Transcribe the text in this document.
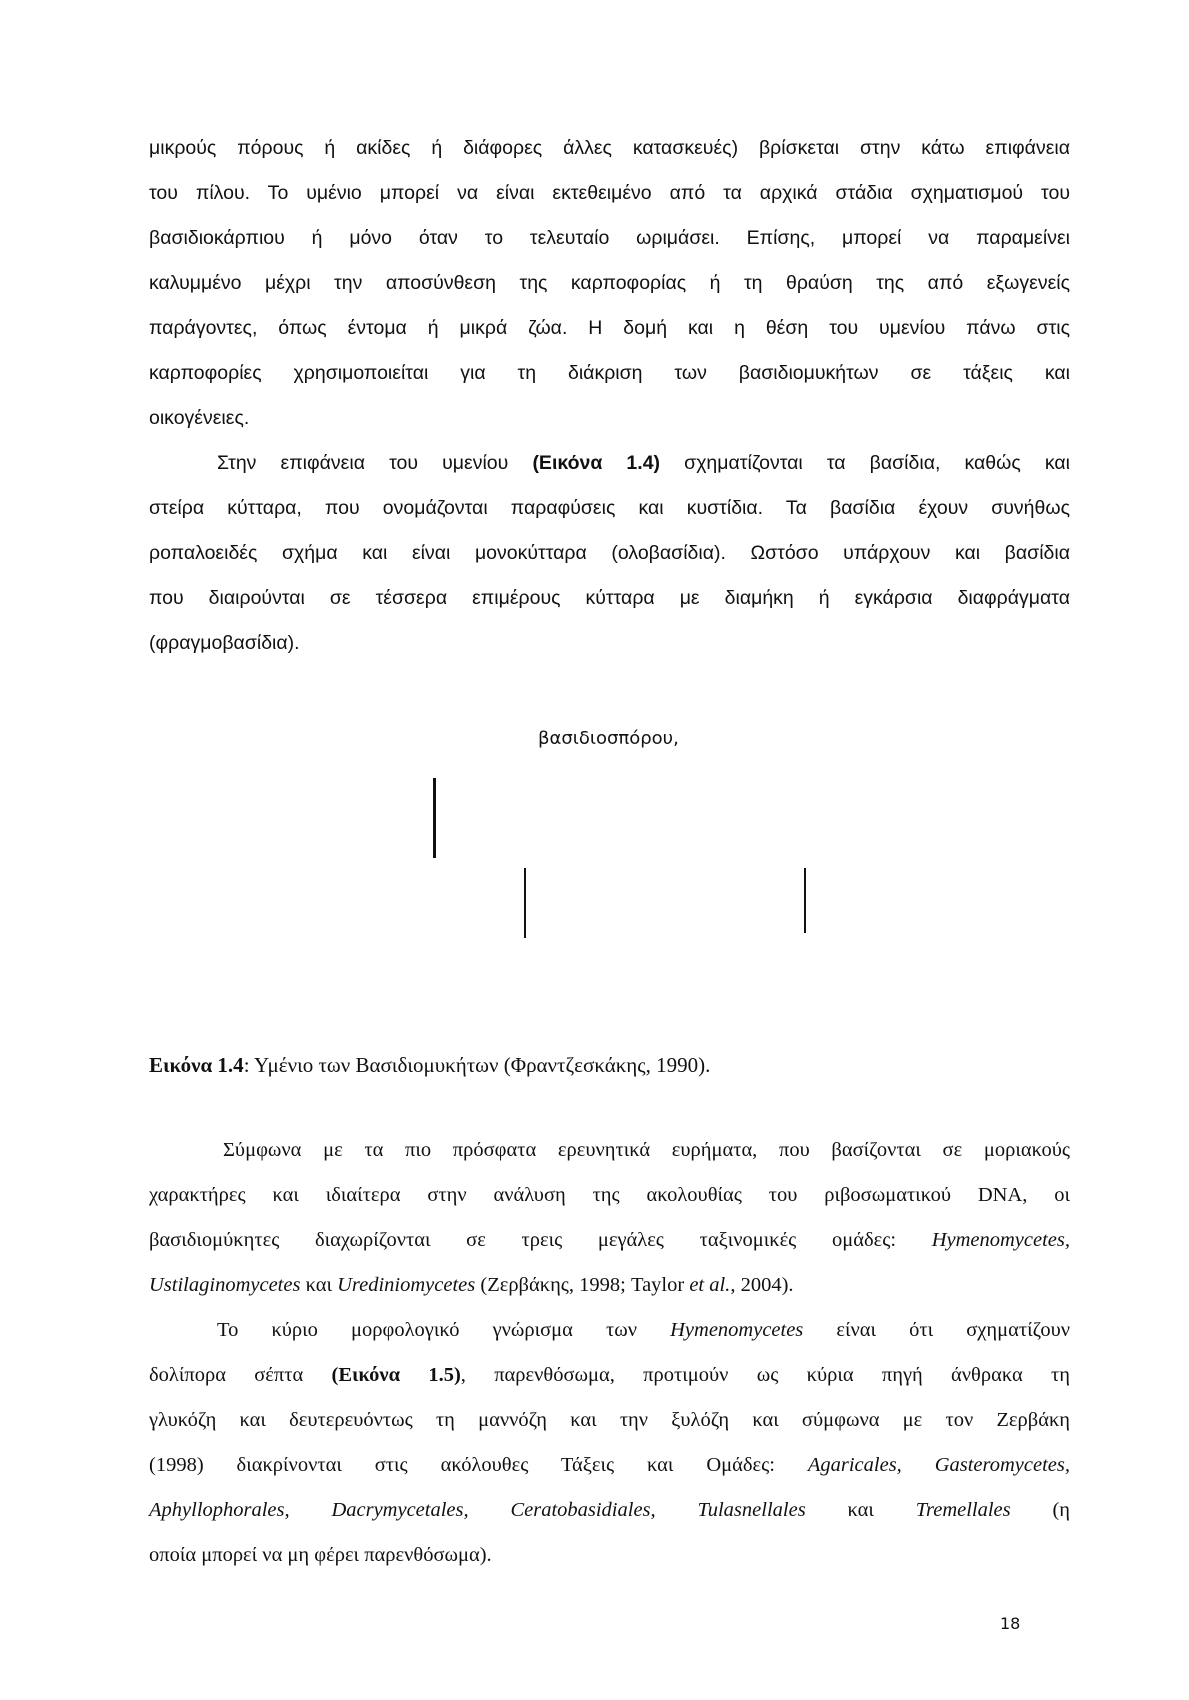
μικρούς πόρους ή ακίδες ή διάφορες άλλες κατασκευές) βρίσκεται στην κάτω επιφάνεια
του πίλου. Το υμένιο μπορεί να είναι εκτεθειμένο από τα αρχικά στάδια σχηματισμού του
βασιδιοκάρπιου ή μόνο όταν το τελευταίο ωριμάσει. Επίσης, μπορεί να παραμείνει
καλυμμένο μέχρι την αποσύνθεση της καρποφορίας ή τη θραύση της από εξωγενείς
παράγοντες, όπως έντομα ή μικρά ζώα. Η δομή και η θέση του υμενίου πάνω στις
καρποφορίες χρησιμοποιείται για τη διάκριση των βασιδιομυκήτων σε τάξεις και
οικογένειες.
Στην επιφάνεια του υμενίου (Εικόνα 1.4) σχηματίζονται τα βασίδια, καθώς και
στείρα κύτταρα, που ονομάζονται παραφύσεις και κυστίδια. Τα βασίδια έχουν συνήθως
ροπαλοειδές σχήμα και είναι μονοκύτταρα (ολοβασίδια). Ωστόσο υπάρχουν και βασίδια
που διαιρούνται σε τέσσερα επιμέρους κύτταρα με διαμήκη ή εγκάρσια διαφράγματα
(φραγμοβασίδια).
βασιδιοσπόρου,
Εικόνα 1.4: Υμένιο των Βασιδιομυκήτων (Φραντζεσκάκης, 1990).
Σύμφωνα με τα πιο πρόσφατα ερευνητικά ευρήματα, που βασίζονται σε μοριακούς
χαρακτήρες και ιδιαίτερα στην ανάλυση της ακολουθίας του ριβοσωματικού DNA, οι
βασιδιομύκητες διαχωρίζονται σε τρεις μεγάλες ταξινομικές ομάδες: Hymenomycetes,
Ustilaginomycetes και Urediniomycetes (Ζερβάκης, 1998; Taylor et al., 2004).
Το κύριο μορφολογικό γνώρισμα των Hymenomycetes είναι ότι σχηματίζουν
δολίπορα σέπτα (Εικόνα 1.5), παρενθόσωμα, προτιμούν ως κύρια πηγή άνθρακα τη
γλυκόζη και δευτερευόντως τη μαννόζη και την ξυλόζη και σύμφωνα με τον Ζερβάκη
(1998) διακρίνονται στις ακόλουθες Τάξεις και Ομάδες: Agaricales, Gasteromycetes,
Aphyllophorales, Dacrymycetales, Ceratobasidiales, Tulasnellales και Tremellales (η
οποία μπορεί να μη φέρει παρενθόσωμα).
18
